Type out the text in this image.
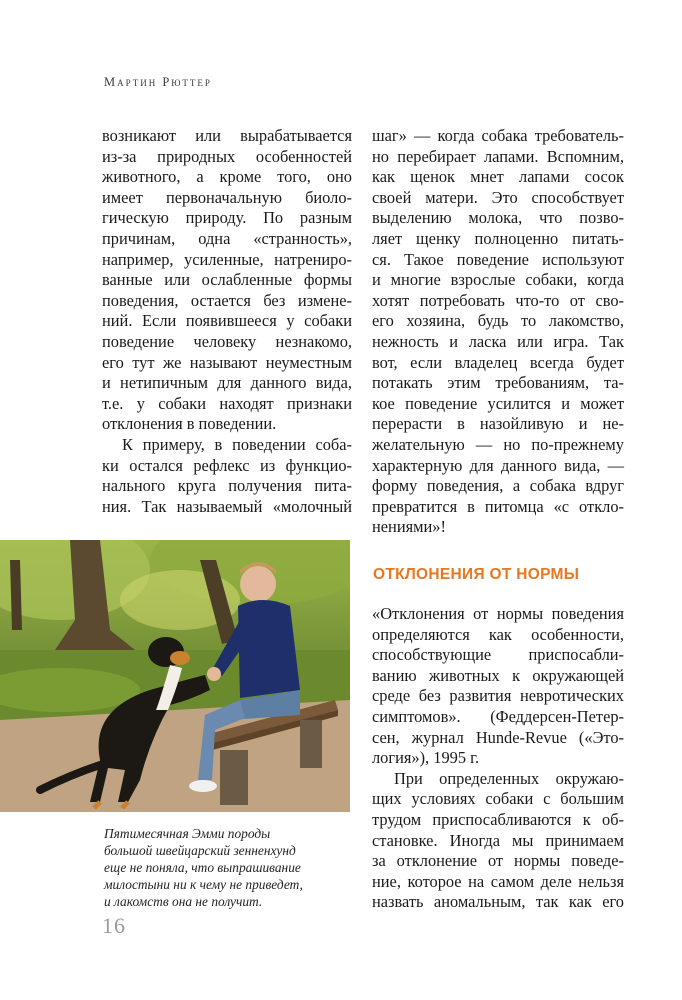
Мартин Рюттер
возникают или вырабатывается
из-за природных особенностей
животного, а кроме того, оно
имеет первоначальную биоло-
гическую природу. По разным
причинам, одна «странность»,
например, усиленные, натрениро-
ванные или ослабленные формы
поведения, остается без измене-
ний. Если появившееся у собаки
поведение человеку незнакомо,
его тут же называют неуместным
и нетипичным для данного вида,
т.е. у собаки находят признаки
отклонения в поведении.
К примеру, в поведении соба-
ки остался рефлекс из функцио-
нального круга получения пита-
ния. Так называемый «молочный
шаг» — когда собака требователь-
но перебирает лапами. Вспомним,
как щенок мнет лапами сосок
своей матери. Это способствует
выделению молока, что позво-
ляет щенку полноценно питать-
ся. Такое поведение используют
и многие взрослые собаки, когда
хотят потребовать что-то от сво-
его хозяина, будь то лакомство,
нежность и ласка или игра. Так
вот, если владелец всегда будет
потакать этим требованиям, та-
кое поведение усилится и может
перерасти в назойливую и не-
желательную — но по-прежнему
характерную для данного вида, —
форму поведения, а собака вдруг
превратится в питомца «с откло-
нениями»!
ОТКЛОНЕНИЯ ОТ НОРМЫ
«Отклонения от нормы поведения
определяются как особенности,
способствующие приспосабли-
ванию животных к окружающей
среде без развития невротических
симптомов». (Феддерсен-Петер-
сен, журнал Hunde-Revue («Это-
логия»), 1995 г.
При определенных окружаю-
щих условиях собаки с большим
трудом приспосабливаются к об-
становке. Иногда мы принимаем
за отклонение от нормы поведе-
ние, которое на самом деле нельзя
назвать аномальным, так как его
Пятимесячная Эмми породы
большой швейцарский зенненхунд
еще не поняла, что выпрашивание
милостыни ни к чему не приведет,
и лакомств она не получит.
16
